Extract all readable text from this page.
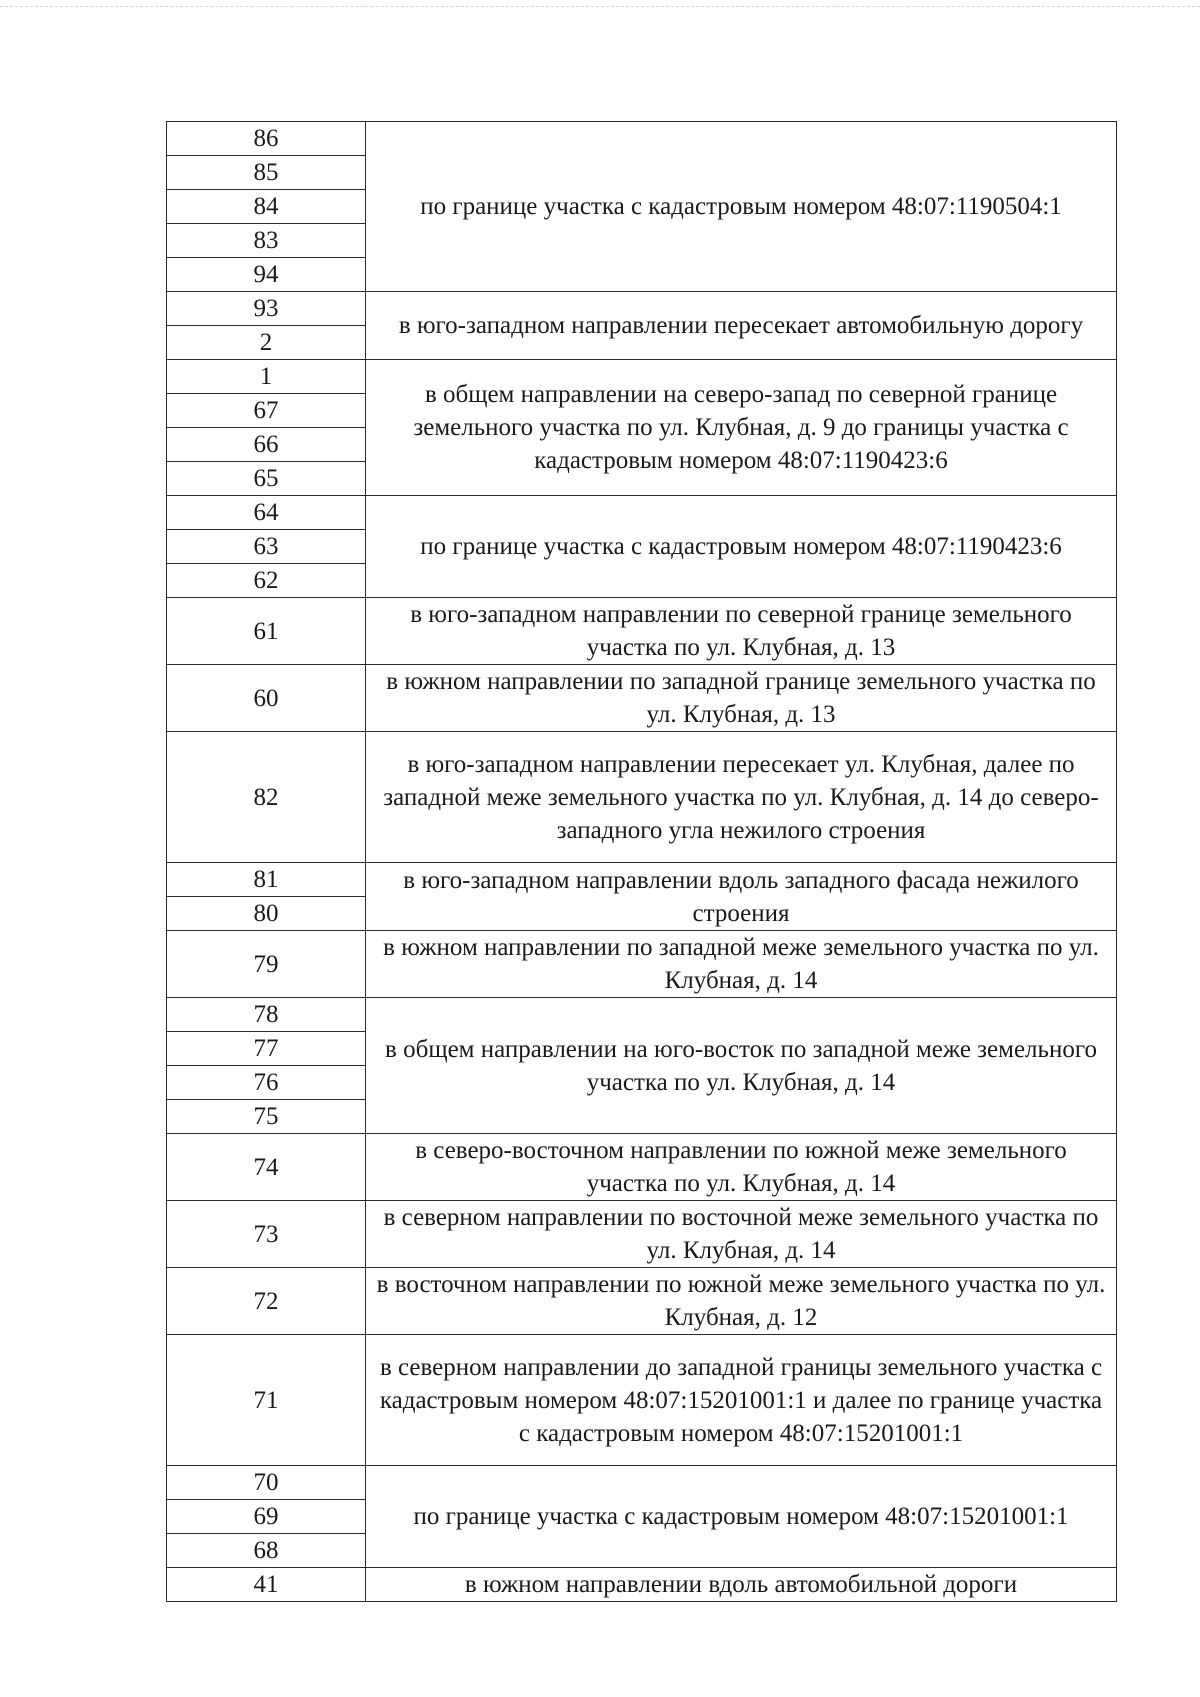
86	по границе участка с кадастровым номером 48:07:1190504:1
85	
84	
83	
94	
93	в юго-западном направлении пересекает автомобильную дорогу
2	
1	в общем направлении на северо-запад по северной границе земельного участка по ул. Клубная, д. 9 до границы участка с кадастровым номером 48:07:1190423:6
67	
66	
65	
64	по границе участка с кадастровым номером 48:07:1190423:6
63	
62	
61	в юго-западном направлении по северной границе земельного участка по ул. Клубная, д. 13
60	в южном направлении по западной границе земельного участка по ул. Клубная, д. 13
82	в юго-западном направлении пересекает ул. Клубная, далее по западной меже земельного участка по ул. Клубная, д. 14 до северо-западного угла нежилого строения
81	в юго-западном направлении вдоль западного фасада нежилого строения
80	
79	в южном направлении по западной меже земельного участка по ул. Клубная, д. 14
78	в общем направлении на юго-восток по западной меже земельного участка по ул. Клубная, д. 14
77	
76	
75	
74	в северо-восточном направлении по южной меже земельного участка по ул. Клубная, д. 14
73	в северном направлении по восточной меже земельного участка по ул. Клубная, д. 14
72	в восточном направлении по южной меже земельного участка по ул. Клубная, д. 12
71	в северном направлении до западной границы земельного участка с кадастровым номером 48:07:15201001:1 и далее по границе участка с кадастровым номером 48:07:15201001:1
70	по границе участка с кадастровым номером 48:07:15201001:1
69	
68	
41	в южном направлении вдоль автомобильной дороги
